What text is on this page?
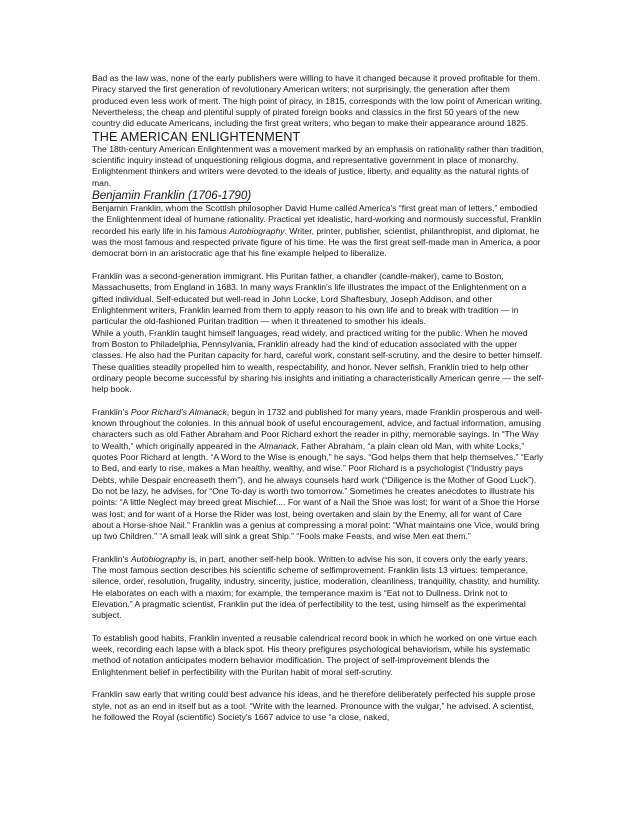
Bad as the law was, none of the early publishers were willing to have it changed because it proved profitable for them. Piracy starved the first generation of revolutionary American writers; not surprisingly, the generation after them produced even less work of merit. The high point of piracy, in 1815, corresponds with the low point of American writing. Nevertheless, the cheap and plentiful supply of pirated foreign books and classics in the first 50 years of the new country did educate Americans, including the first great writers, who began to make their appearance around 1825.

THE AMERICAN ENLIGHTENMENT

The 18th-century American Enlightenment was a movement marked by an emphasis on rationality rather than tradition, scientific inquiry instead of unquestioning religious dogma, and representative government in place of monarchy. Enlightenment thinkers and writers were devoted to the ideals of justice, liberty, and equality as the natural rights of man.

Benjamin Franklin (1706-1790)

Benjamin Franklin, whom the Scottish philosopher David Hume called America's “first great man of letters,” embodied the Enlightenment ideal of humane rationality. Practical yet idealistic, hard-working and normously successful, Franklin recorded his early life in his famous Autobiography. Writer, printer, publisher, scientist, philanthropist, and diplomat, he was the most famous and respected private figure of his time. He was the first great self-made man in America, a poor democrat born in an aristocratic age that his fine example helped to liberalize.

Franklin was a second-generation immigrant. His Puritan father, a chandler (candle-maker), came to Boston, Massachusetts, from England in 1683. In many ways Franklin's life illustrates the impact of the Enlightenment on a gifted individual. Self-educated but well-read in John Locke, Lord Shaftesbury, Joseph Addison, and other Enlightenment writers, Franklin learned from them to apply reason to his own life and to break with tradition — in particular the old-fashioned Puritan tradition — when it threatened to smother his ideals.

While a youth, Franklin taught himself languages, read widely, and practiced writing for the public. When he moved from Boston to Philadelphia, Pennsylvania, Franklin already had the kind of education associated with the upper classes. He also had the Puritan capacity for hard, careful work, constant self-scrutiny, and the desire to better himself. These qualities steadily propelled him to wealth, respectability, and honor. Never selfish, Franklin tried to help other ordinary people become successful by sharing his insights and initiating a characteristically American genre — the self-help book.

Franklin's Poor Richard's Almanack, begun in 1732 and published for many years, made Franklin prosperous and well-known throughout the colonies. In this annual book of useful encouragement, advice, and factual information, amusing characters such as old Father Abraham and Poor Richard exhort the reader in pithy, memorable sayings. In “The Way to Wealth,” which originally appeared in the Almanack, Father Abraham, “a plain clean old Man, with white Locks,” quotes Poor Richard at length. “A Word to the Wise is enough,” he says. “God helps them that help themselves.” “Early to Bed, and early to rise, makes a Man healthy, wealthy, and wise.” Poor Richard is a psychologist (“Industry pays Debts, while Despair encreaseth them”), and he always counsels hard work (“Diligence is the Mother of Good Luck”). Do not be lazy, he advises, for “One To-day is worth two tomorrow.” Sometimes he creates anecdotes to illustrate his points: “A little Neglect may breed great Mischief.... For want of a Nail the Shoe was lost; for want of a Shoe the Horse was lost; and for want of a Horse the Rider was lost, being overtaken and slain by the Enemy, all for want of Care about a Horse-shoe Nail.” Franklin was a genius at compressing a moral point: “What maintains one Vice, would bring up two Children.” “A small leak will sink a great Ship.” “Fools make Feasts, and wise Men eat them.”

Franklin's Autobiography is, in part, another self-help book. Written to advise his son, it covers only the early years. The most famous section describes his scientific scheme of selfimprovement. Franklin lists 13 virtues: temperance, silence, order, resolution, frugality, industry, sincerity, justice, moderation, cleanliness, tranquility, chastity, and humility. He elaborates on each with a maxim; for example, the temperance maxim is “Eat not to Dullness. Drink not to Elevation.” A pragmatic scientist, Franklin put the idea of perfectibility to the test, using himself as the experimental subject.

To establish good habits, Franklin invented a reusable calendrical record book in which he worked on one virtue each week, recording each lapse with a black spot. His theory prefigures psychological behaviorism, while his systematic method of notation anticipates modern behavior modification. The project of self-improvement blends the Enlightenment belief in perfectibility with the Puritan habit of moral self-scrutiny.

Franklin saw early that writing could best advance his ideas, and he therefore deliberately perfected his supple prose style, not as an end in itself but as a tool. “Write with the learned. Pronounce with the vulgar,” he advised. A scientist, he followed the Royal (scientific) Society's 1667 advice to use “a close, naked,
